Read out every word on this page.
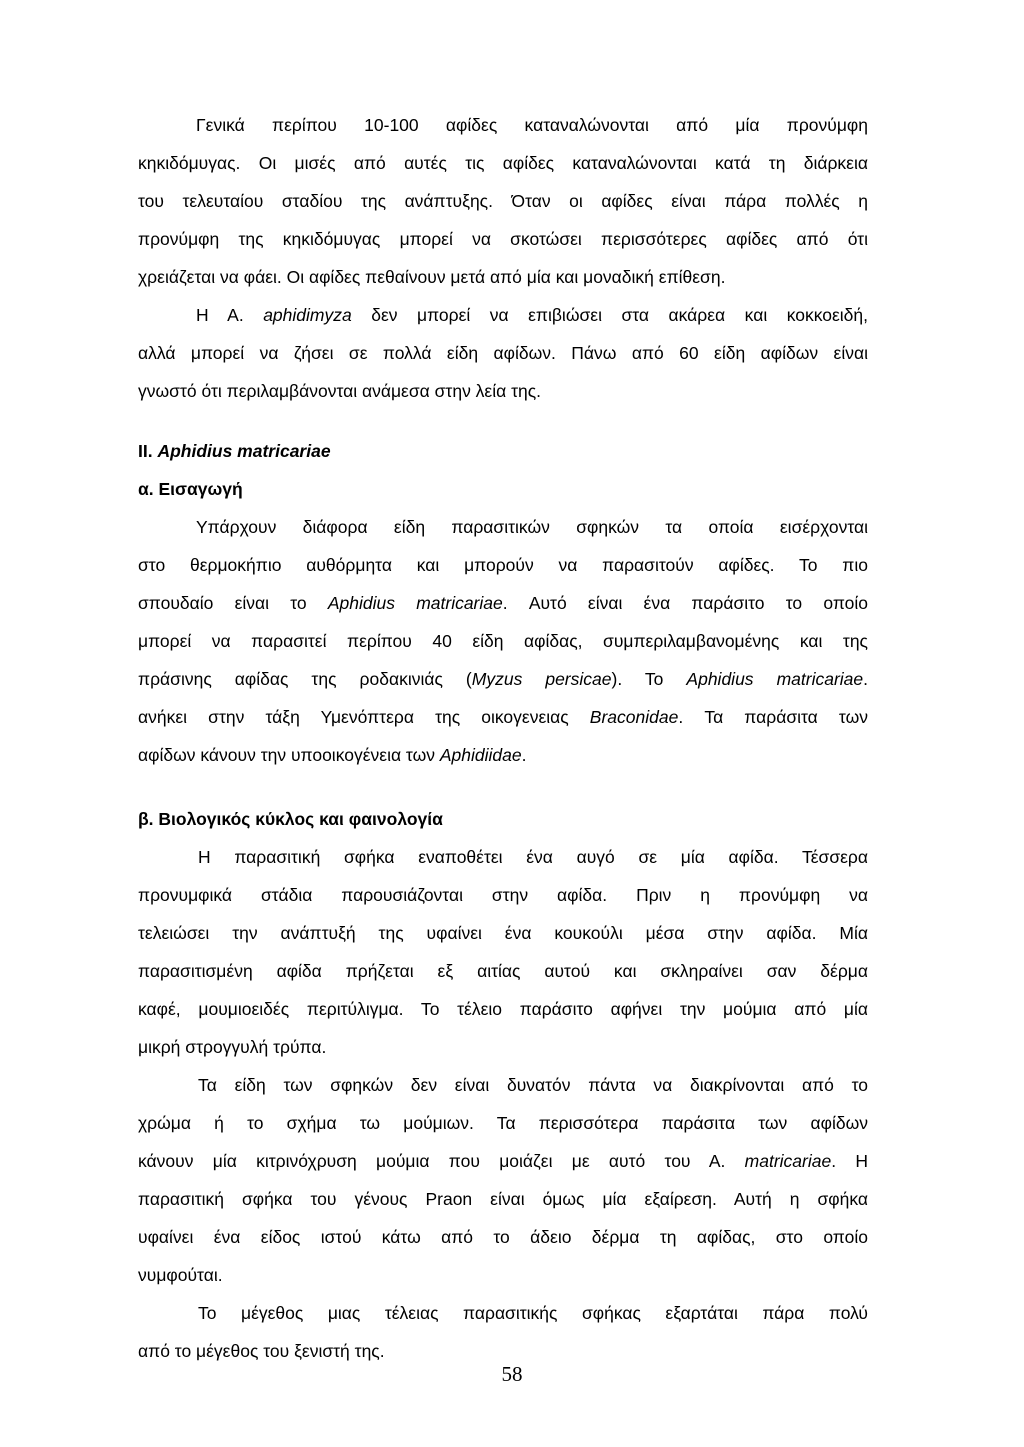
Γενικά περίπου 10-100 αφίδες καταναλώνονται από μία προνύμφη
κηκιδόμυγας. Οι μισές από αυτές τις αφίδες καταναλώνονται κατά τη διάρκεια
του τελευταίου σταδίου της ανάπτυξης. Όταν οι αφίδες είναι πάρα πολλές η
προνύμφη της κηκιδόμυγας μπορεί να σκοτώσει περισσότερες αφίδες από ότι
χρειάζεται να φάει. Οι αφίδες πεθαίνουν μετά από μία και μοναδική επίθεση.
Η Α. aphidimyza δεν μπορεί να επιβιώσει στα ακάρεα και κοκκοειδή,
αλλά μπορεί να ζήσει σε πολλά είδη αφίδων. Πάνω από 60 είδη αφίδων είναι
γνωστό ότι περιλαμβάνονται ανάμεσα στην λεία της.
II. Aphidius matricariae
α. Εισαγωγή
Υπάρχουν διάφορα είδη παρασιτικών σφηκών τα οποία εισέρχονται
στο θερμοκήπιο αυθόρμητα και μπορούν να παρασιτούν αφίδες. Το πιο
σπουδαίο είναι το Aphidius matricariae. Αυτό είναι ένα παράσιτο το οποίο
μπορεί να παρασιτεί περίπου 40 είδη αφίδας, συμπεριλαμβανομένης και της
πράσινης αφίδας της ροδακινιάς (Myzus persicae). Το Aphidius matricariae.
ανήκει στην τάξη Υμενόπτερα της οικογενειας Braconidae. Τα παράσιτα των
αφίδων κάνουν την υποοικογένεια των Aphidiidae.
β. Βιολογικός κύκλος και φαινολογία
Η παρασιτική σφήκα εναποθέτει ένα αυγό σε μία αφίδα. Τέσσερα
προνυμφικά στάδια παρουσιάζονται στην αφίδα. Πριν η προνύμφη να
τελειώσει την ανάπτυξή της υφαίνει ένα κουκούλι μέσα στην αφίδα. Μία
παρασιτισμένη αφίδα πρήζεται εξ αιτίας αυτού και σκληραίνει σαν δέρμα
καφέ, μουμιοειδές περιτύλιγμα. Το τέλειο παράσιτο αφήνει την μούμια από μία
μικρή στρογγυλή τρύπα.
Τα είδη των σφηκών δεν είναι δυνατόν πάντα να διακρίνονται από το
χρώμα ή το σχήμα τω μούμιων. Τα περισσότερα παράσιτα των αφίδων
κάνουν μία κιτρινόχρυση μούμια που μοιάζει με αυτό του Α. matricariae. Η
παρασιτική σφήκα του γένους Praon είναι όμως μία εξαίρεση. Αυτή η σφήκα
υφαίνει ένα είδος ιστού κάτω από το άδειο δέρμα τη αφίδας, στο οποίο
νυμφούται.
Το μέγεθος μιας τέλειας παρασιτικής σφήκας εξαρτάται πάρα πολύ
από το μέγεθος του ξενιστή της.
58
